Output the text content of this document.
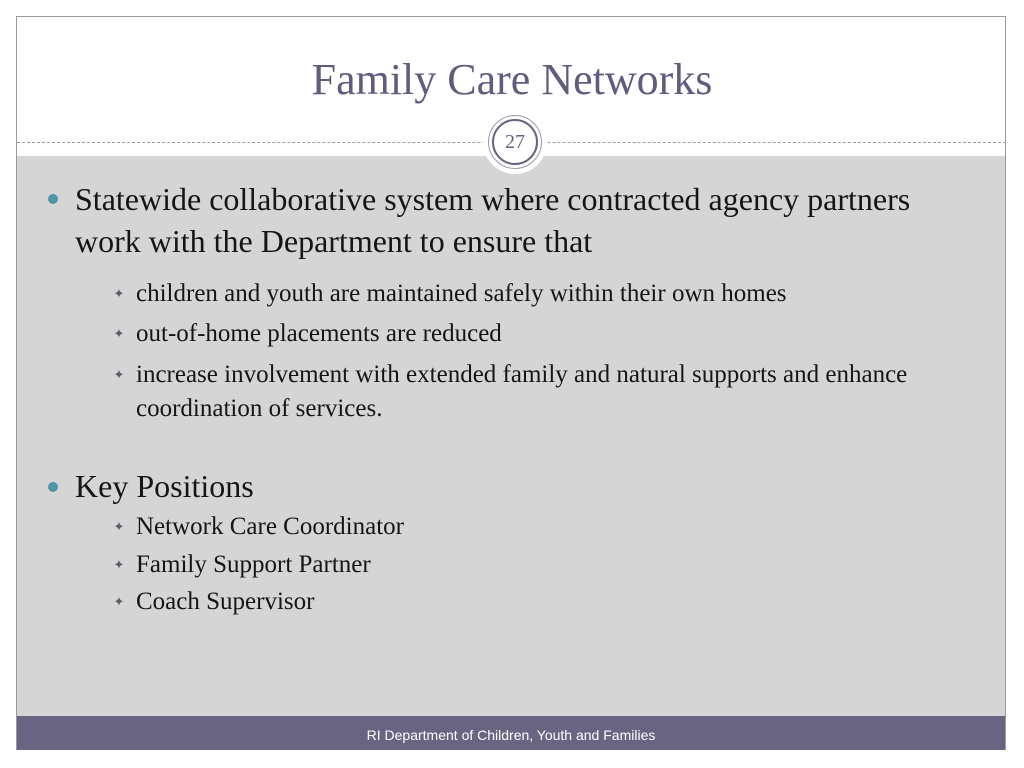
Family Care Networks
27
Statewide collaborative system where contracted agency partners work with the Department to ensure that
✦ children and youth are maintained safely within their own homes
✦ out-of-home placements are reduced
✦ increase involvement with extended family and natural supports and enhance coordination of services.
Key Positions
✦ Network Care Coordinator
✦ Family Support Partner
✦ Coach Supervisor
RI Department of Children, Youth and Families
